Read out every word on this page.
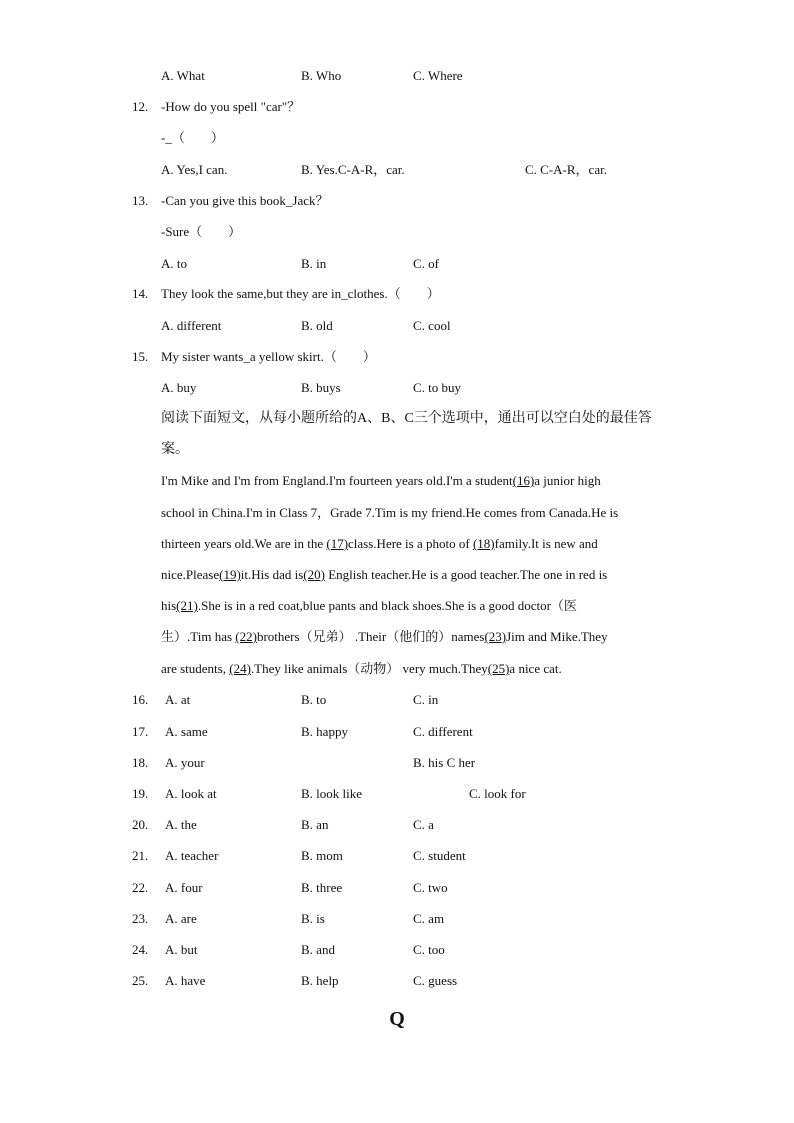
A. What	B. Who	C. Where
12. -How do you spell "car"？
-_（　　）
A. Yes,I can.	B. Yes.C-A-R，car.	C. C-A-R，car.
13. -Can you give this book_Jack？
-Sure（　　）
A. to	B. in	C. of
14. They look the same,but they are in_clothes.（　　）
A. different	B. old	C. cool
15. My sister wants_a yellow skirt.（　　）
A. buy	B. buys	C. to buy
阅读下面短文，从每小题所给的A、B、C三个选项中，通出可以空白处的最佳答
案。
I'm Mike and I'm from England.I'm fourteen years old.I'm a student(16)a junior high
school in China.I'm in Class 7，Grade 7.Tim is my friend.He comes from Canada.He is
thirteen years old.We are in the (17)class.Here is a photo of (18)family.It is new and
nice.Please(19)it.His dad is(20) English teacher.He is a good teacher.The one in red is
his(21).She is in a red coat,blue pants and black shoes.She is a good doctor（医
生）.Tim has (22)brothers（兄弟） .Their（他们的）names(23)Jim and Mike.They
are students, (24).They like animals（动物） very much.They(25)a nice cat.
16. A. at	B. to	C. in
17. A. same	B. happy	C. different
18. A. your	B. his C her
19. A. look at	B. look like	C. look for
20. A. the	B. an	C. a
21. A. teacher	B. mom	C. student
22. A. four	B. three	C. two
23. A. are	B. is	C. am
24. A. but	B. and	C. too
25. A. have	B. help	C. guess
Q
